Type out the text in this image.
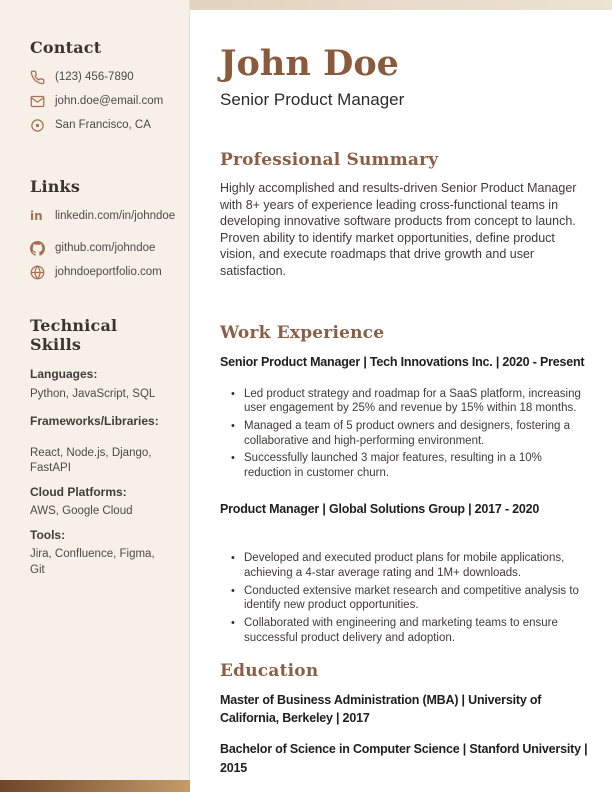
Contact
(123) 456-7890
john.doe@email.com
San Francisco, CA
Links
in linkedin.com/in/johndoe
github.com/johndoe
johndoeportfolio.com
Technical Skills

Languages:

Python, JavaScript, SQL

Frameworks/Libraries:

React, Node.js, Django, FastAPI

Cloud Platforms:

AWS, Google Cloud

Tools:

Jira, Confluence, Figma, Git

John Doe

Senior Product Manager

Professional Summary

Highly accomplished and results-driven Senior Product Manager with 8+ years of experience leading cross-functional teams in developing innovative software products from concept to launch. Proven ability to identify market opportunities, define product vision, and execute roadmaps that drive growth and user satisfaction.

Work Experience
Senior Product Manager | Tech Innovations Inc. | 2020 - Present
• Led product strategy and roadmap for a SaaS platform, increasing user engagement by 25% and revenue by 15% within 18 months.
• Managed a team of 5 product owners and designers, fostering a collaborative and high-performing environment.
• Successfully launched 3 major features, resulting in a 10% reduction in customer churn.
Product Manager | Global Solutions Group | 2017 - 2020
• Developed and executed product plans for mobile applications, achieving a 4-star average rating and 1M+ downloads.
• Conducted extensive market research and competitive analysis to identify new product opportunities.
• Collaborated with engineering and marketing teams to ensure successful product delivery and adoption.
Education

Master of Business Administration (MBA) | University of California, Berkeley | 2017

Bachelor of Science in Computer Science | Stanford University | 2015
